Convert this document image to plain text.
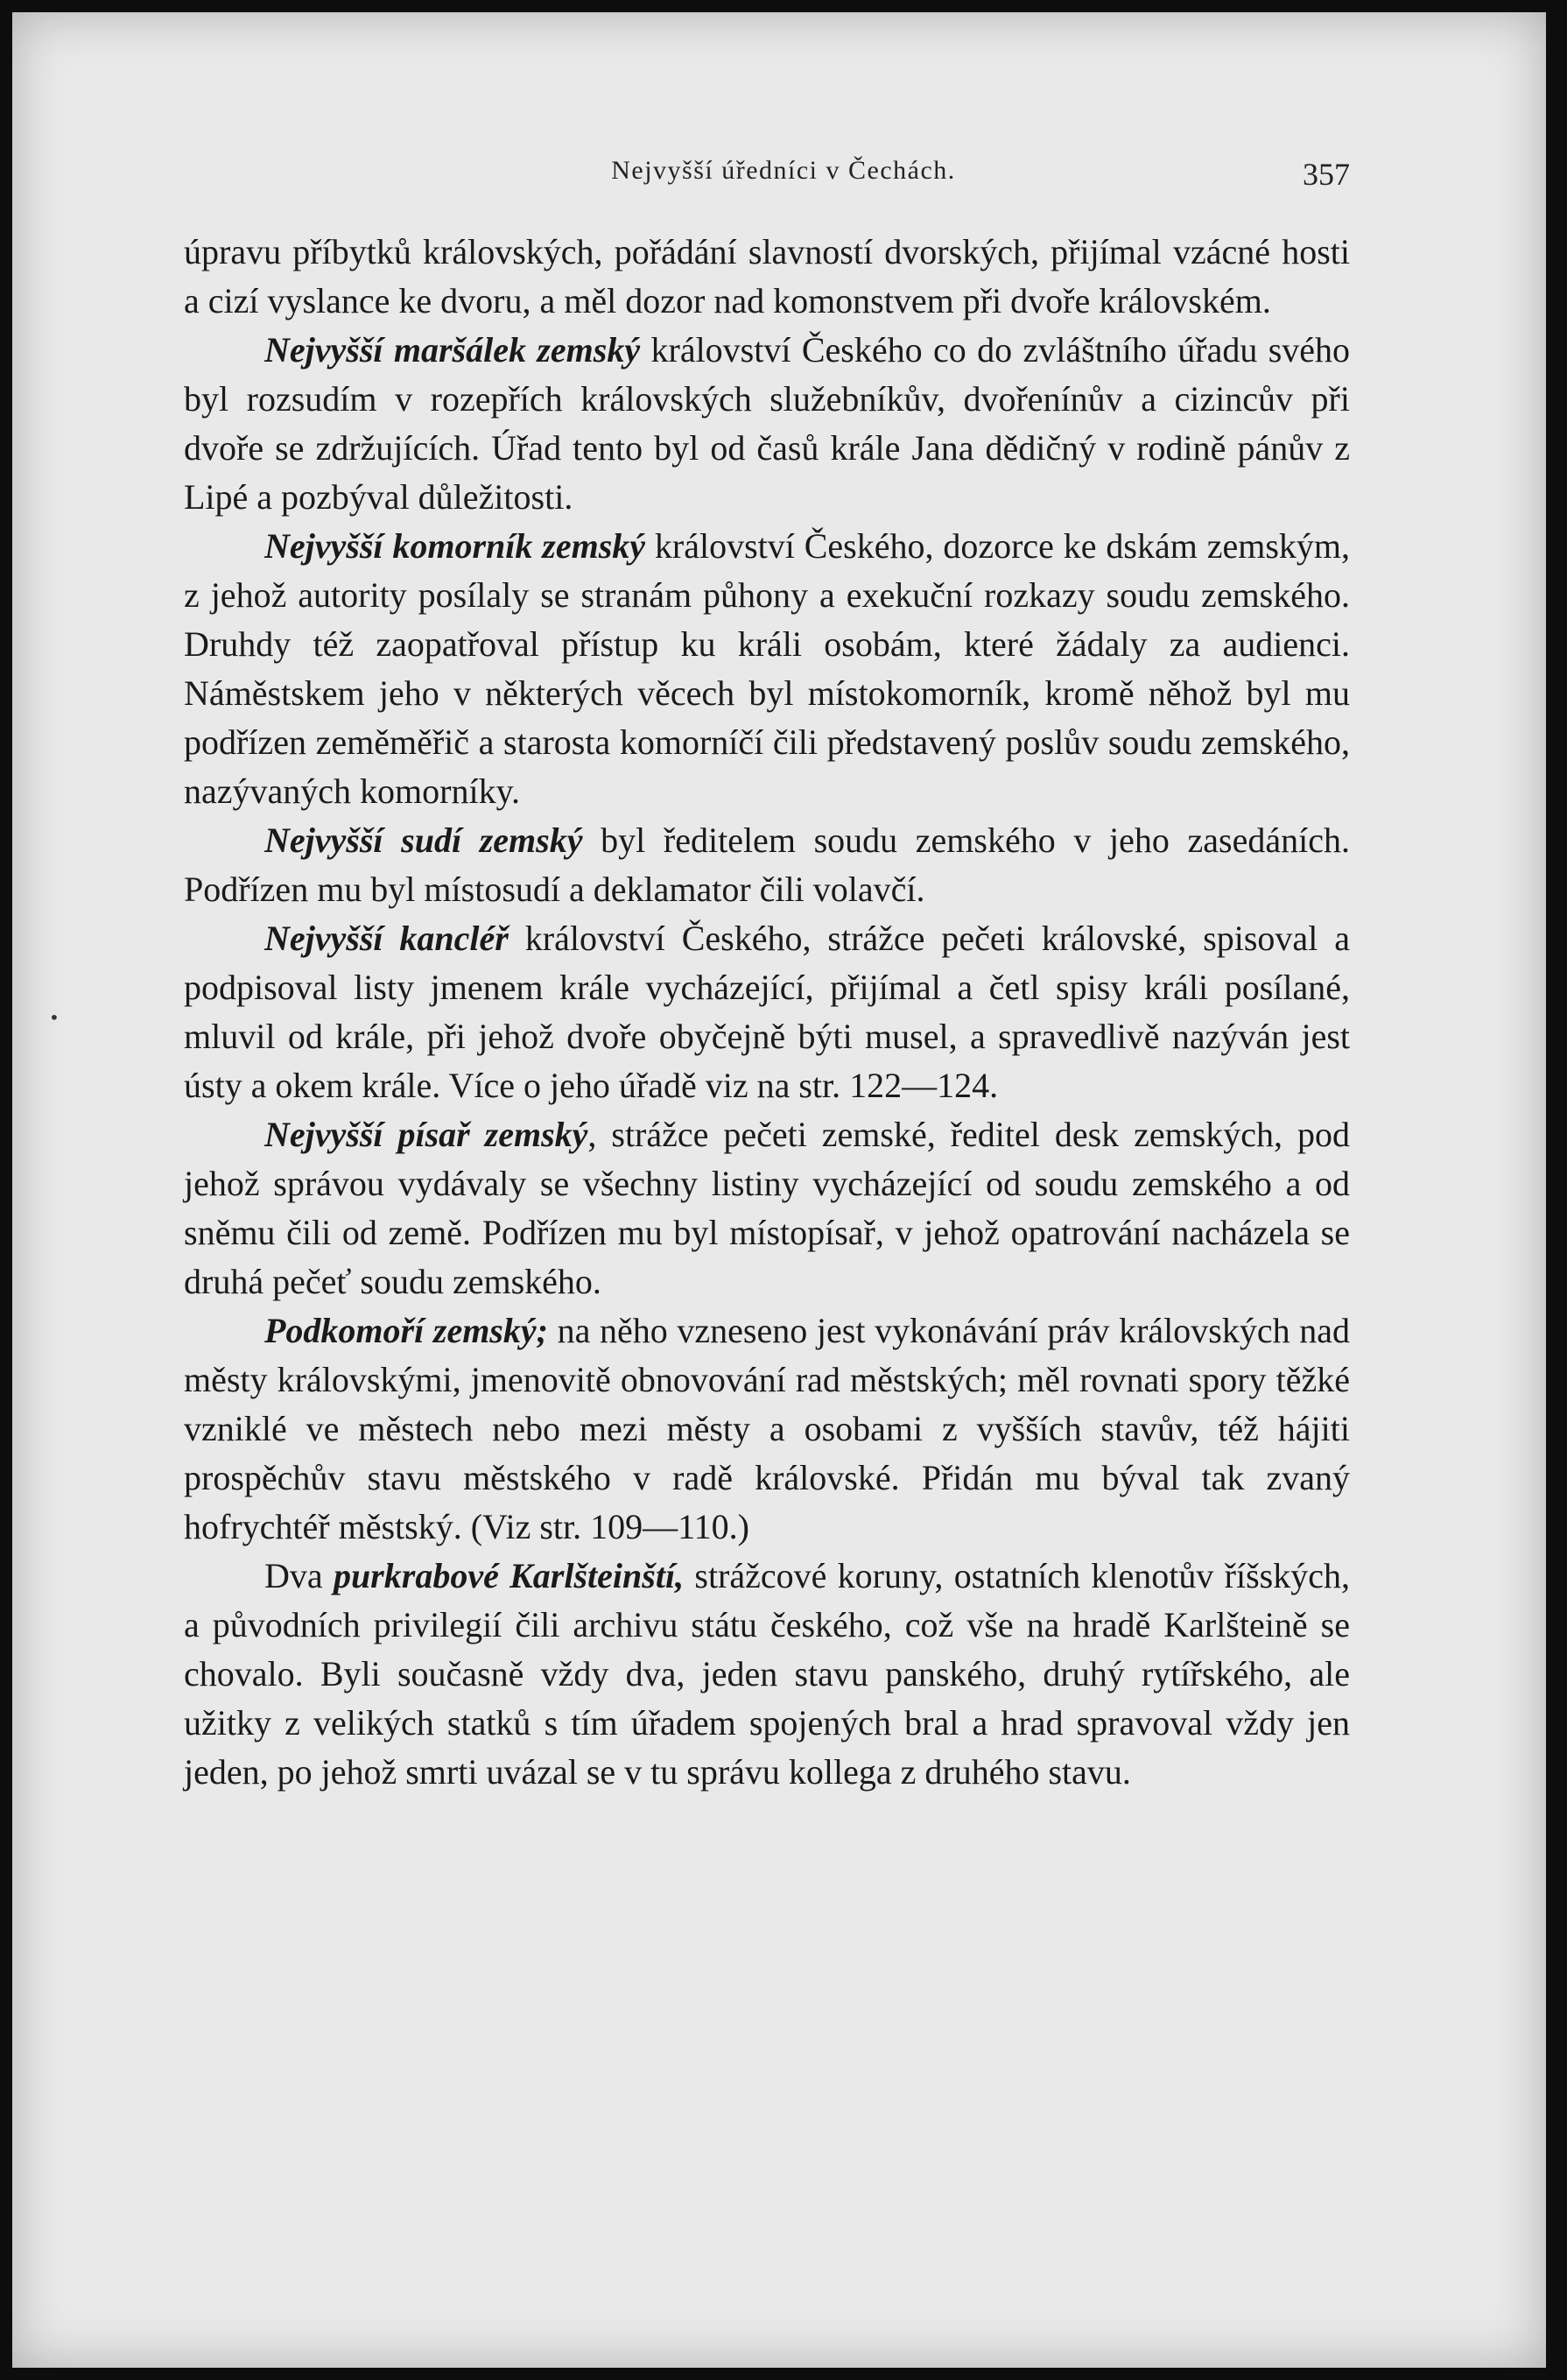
Nejvyšší úředníci v Čechách.	357
•

úpravu příbytků královských, pořádání slavností dvorských, přijímal vzácné hosti a cizí vyslance ke dvoru, a měl dozor nad komonstvem při dvoře královském.

Nejvyšší maršálek zemský království Českého co do zvláštního úřadu svého byl rozsudím v rozepřích královských služebníkův, dvořenínův a cizincův při dvoře se zdržujících. Úřad tento byl od časů krále Jana dědičný v rodině pánův z Lipé a pozbýval důležitosti.

Nejvyšší komorník zemský království Českého, dozorce ke dskám zemským, z jehož autority posílaly se stranám půhony a exekuční rozkazy soudu zemského. Druhdy též zaopatřoval přístup ku králi osobám, které žádaly za audienci. Náměstskem jeho v některých věcech byl místokomorník, kromě něhož byl mu podřízen zeměměřič a starosta komorníčí čili představený poslův soudu zemského, nazývaných komorníky.

Nejvyšší sudí zemský byl ředitelem soudu zemského v jeho zasedáních. Podřízen mu byl místosudí a deklamator čili volavčí.

Nejvyšší kancléř království Českého, strážce pečeti královské, spisoval a podpisoval listy jmenem krále vycházející, přijímal a četl spisy králi posílané, mluvil od krále, při jehož dvoře obyčejně býti musel, a spravedlivě nazýván jest ústy a okem krále. Více o jeho úřadě viz na str. 122—124.

Nejvyšší písař zemský, strážce pečeti zemské, ředitel desk zemských, pod jehož správou vydávaly se všechny listiny vycházející od soudu zemského a od sněmu čili od země. Podřízen mu byl místopísař, v jehož opatrování nacházela se druhá pečeť soudu zemského.

Podkomoří zemský; na něho vzneseno jest vykonávání práv královských nad městy královskými, jmenovitě obnovování rad městských; měl rovnati spory těžké vzniklé ve městech nebo mezi městy a osobami z vyšších stavův, též hájiti prospěchův stavu městského v radě královské. Přidán mu býval tak zvaný hofrychtéř městský. (Viz str. 109—110.)

Dva purkrabové Karlšteinští, strážcové koruny, ostatních klenotův říšských, a původních privilegií čili archivu státu českého, což vše na hradě Karlšteině se chovalo. Byli současně vždy dva, jeden stavu panského, druhý rytířského, ale užitky z velikých statků s tím úřadem spojených bral a hrad spravoval vždy jen jeden, po jehož smrti uvázal se v tu správu kollega z druhého stavu.
